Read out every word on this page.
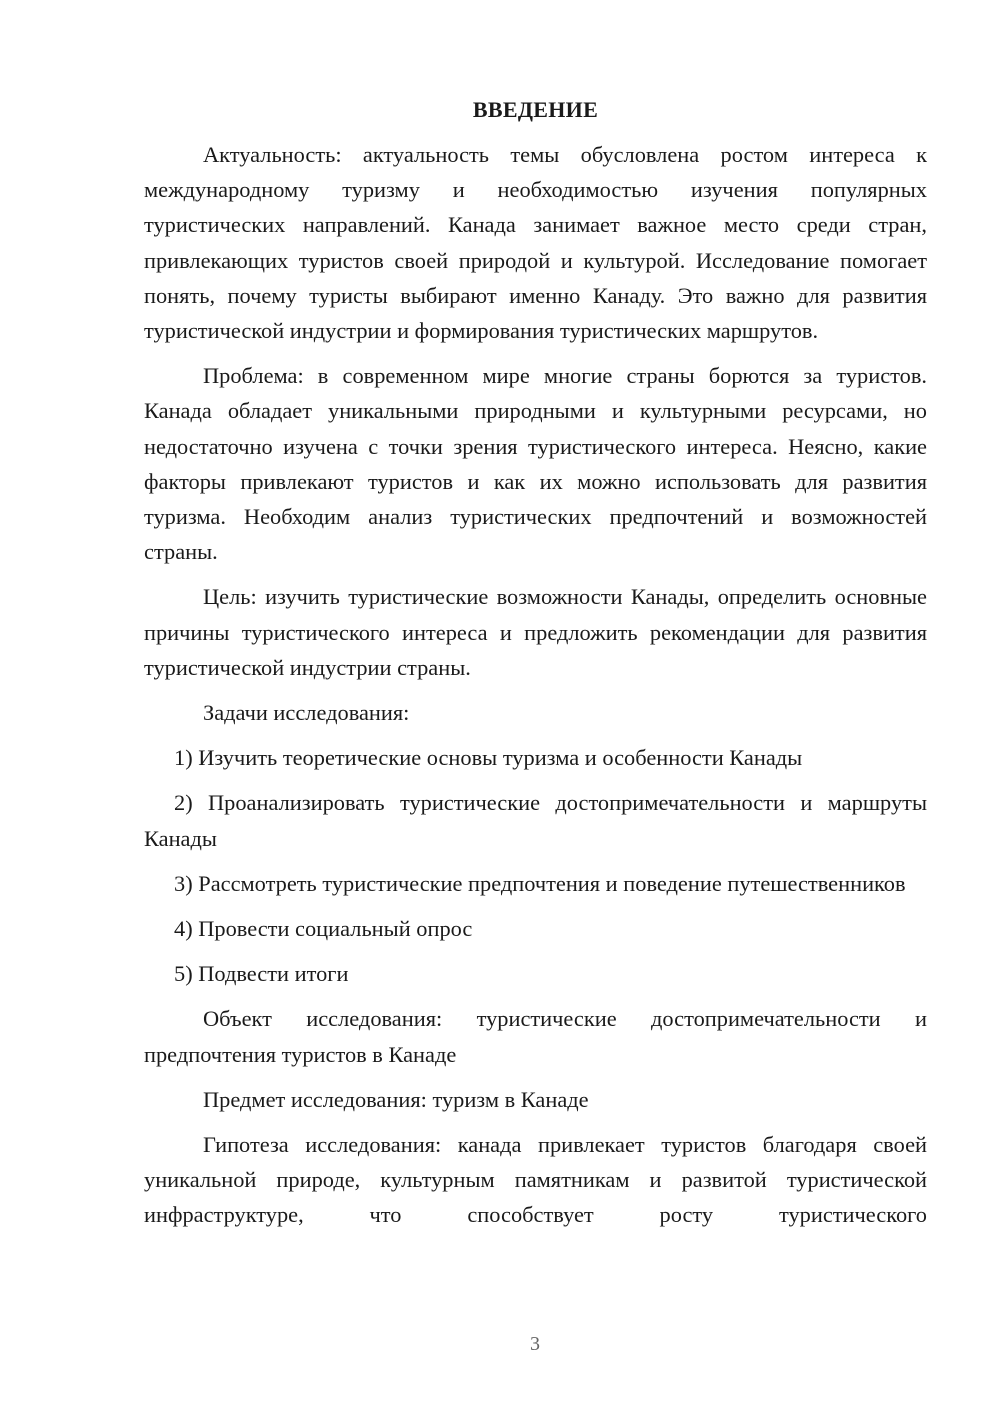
ВВЕДЕНИЕ

Актуальность: актуальность темы обусловлена ростом интереса к международному туризму и необходимостью изучения популярных туристических направлений. Канада занимает важное место среди стран, привлекающих туристов своей природой и культурой. Исследование помогает понять, почему туристы выбирают именно Канаду. Это важно для развития туристической индустрии и формирования туристических маршрутов.

Проблема: в современном мире многие страны борются за туристов. Канада обладает уникальными природными и культурными ресурсами, но недостаточно изучена с точки зрения туристического интереса. Неясно, какие факторы привлекают туристов и как их можно использовать для развития туризма. Необходим анализ туристических предпочтений и возможностей страны.

Цель: изучить туристические возможности Канады, определить основные причины туристического интереса и предложить рекомендации для развития туристической индустрии страны.

Задачи исследования:

1) Изучить теоретические основы туризма и особенности Канады

2) Проанализировать туристические достопримечательности и маршруты Канады

3) Рассмотреть туристические предпочтения и поведение путешественников

4) Провести социальный опрос

5) Подвести итоги

Объект исследования: туристические достопримечательности и предпочтения туристов в Канаде

Предмет исследования: туризм в Канаде

Гипотеза исследования: канада привлекает туристов благодаря своей уникальной природе, культурным памятникам и развитой туристической инфраструктуре, что способствует росту туристического

3
